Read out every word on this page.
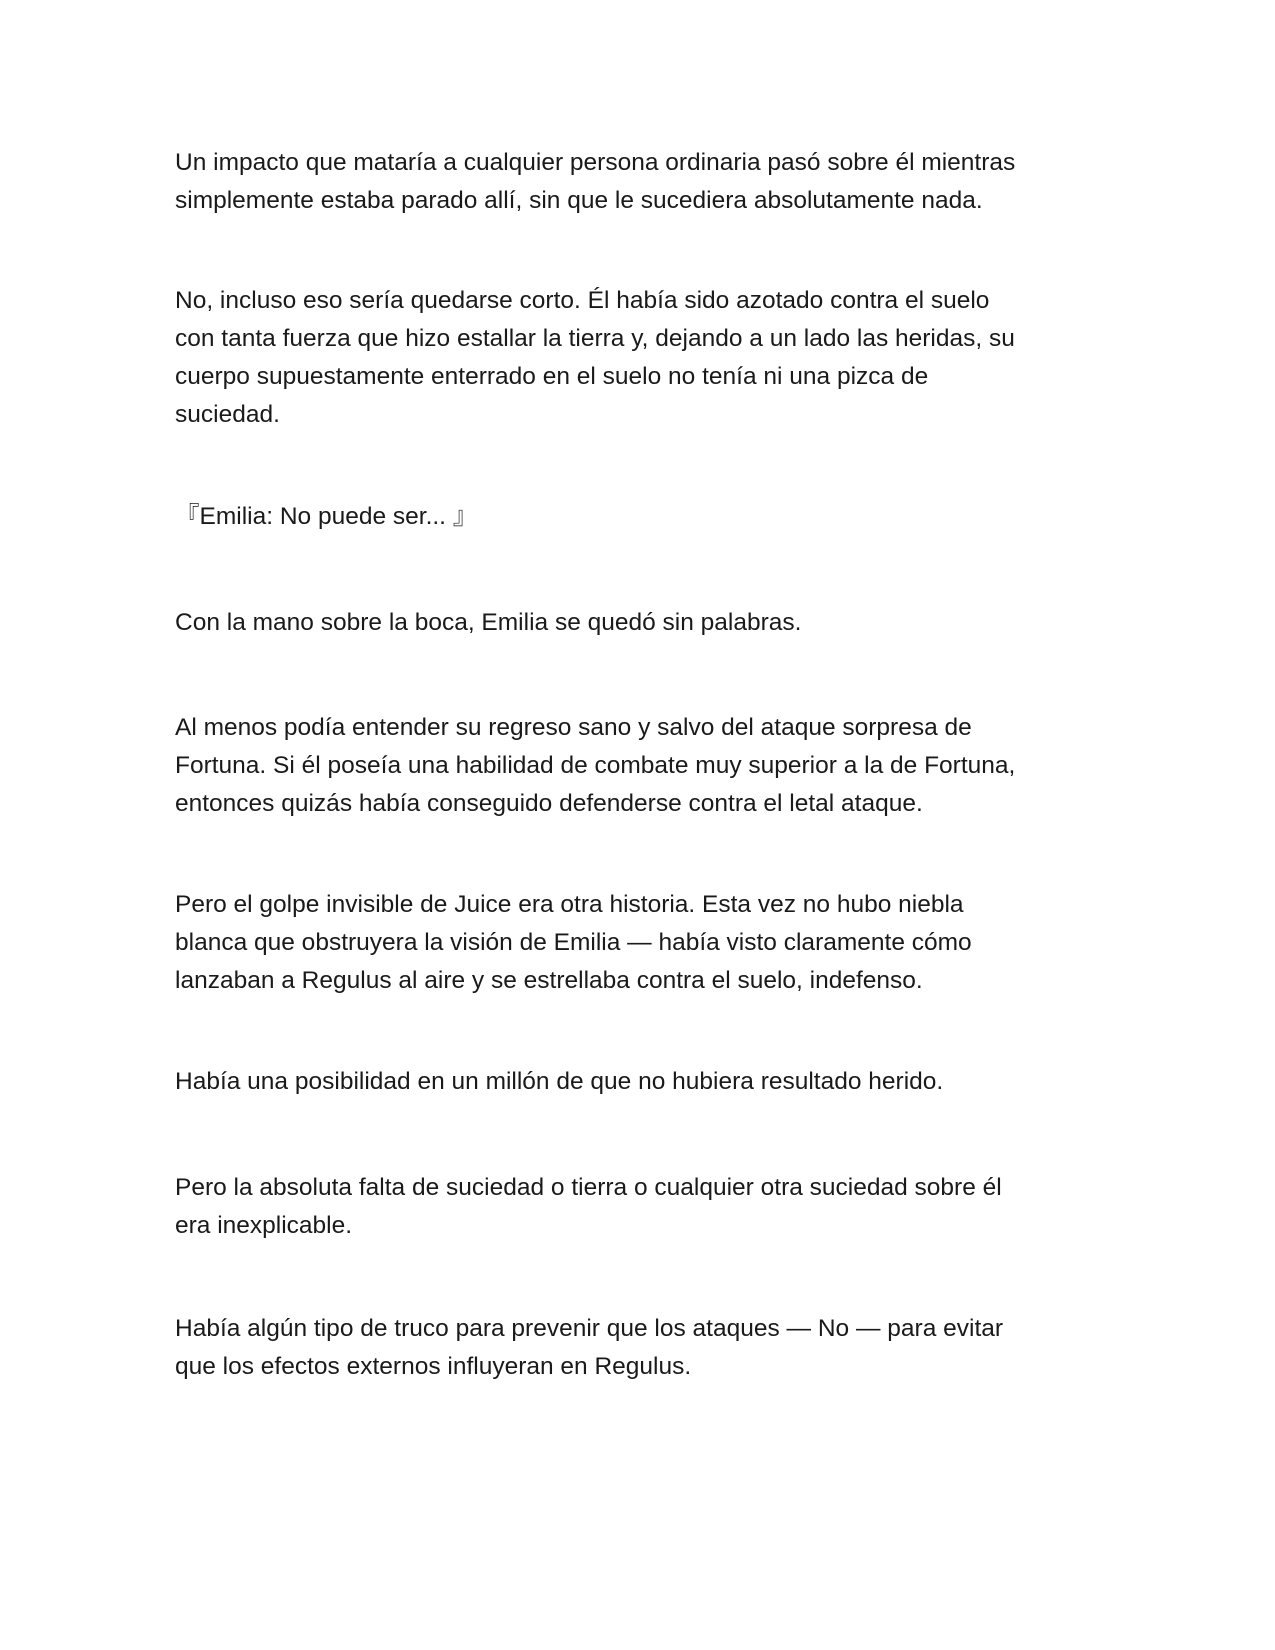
Un impacto que mataría a cualquier persona ordinaria pasó sobre él mientras
simplemente estaba parado allí, sin que le sucediera absolutamente nada.

No, incluso eso sería quedarse corto. Él había sido azotado contra el suelo
con tanta fuerza que hizo estallar la tierra y, dejando a un lado las heridas, su
cuerpo supuestamente enterrado en el suelo no tenía ni una pizca de
suciedad.

『Emilia: No puede ser... 』

Con la mano sobre la boca, Emilia se quedó sin palabras.

Al menos podía entender su regreso sano y salvo del ataque sorpresa de
Fortuna. Si él poseía una habilidad de combate muy superior a la de Fortuna,
entonces quizás había conseguido defenderse contra el letal ataque.

Pero el golpe invisible de Juice era otra historia. Esta vez no hubo niebla
blanca que obstruyera la visión de Emilia — había visto claramente cómo
lanzaban a Regulus al aire y se estrellaba contra el suelo, indefenso.

Había una posibilidad en un millón de que no hubiera resultado herido.

Pero la absoluta falta de suciedad o tierra o cualquier otra suciedad sobre él
era inexplicable.

Había algún tipo de truco para prevenir que los ataques — No — para evitar
que los efectos externos influyeran en Regulus.
